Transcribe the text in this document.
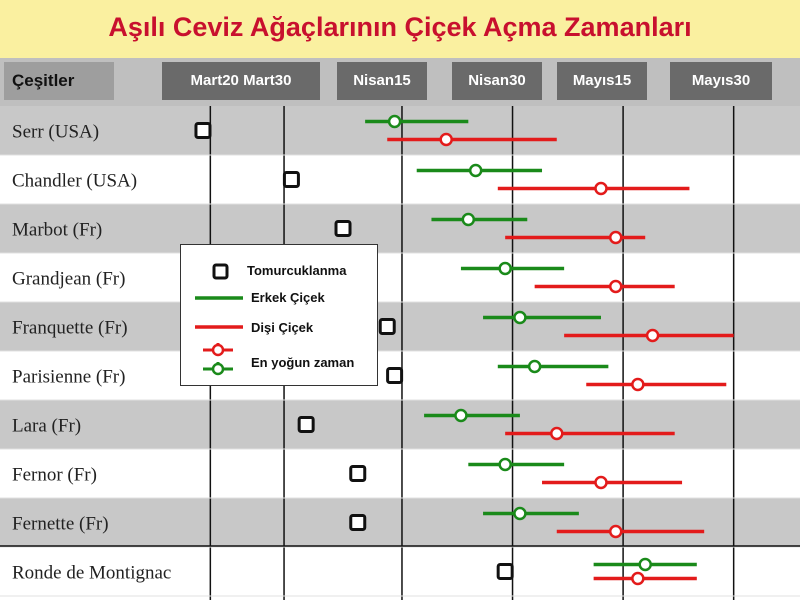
Aşılı Ceviz Ağaçlarının Çiçek Açma Zamanları
Çeşitler	Mart20 Mart30	Nisan15	Nisan30	Mayıs15	Mayıs30
Serr (USA)
Chandler (USA)
Marbot (Fr)
Grandjean (Fr)
Franquette (Fr)
Parisienne (Fr)
Lara (Fr)
Fernor (Fr)
Fernette (Fr)
Ronde de Montignac
Tomurcuklanma
Erkek Çiçek
Dişi Çiçek
En yoğun zaman
